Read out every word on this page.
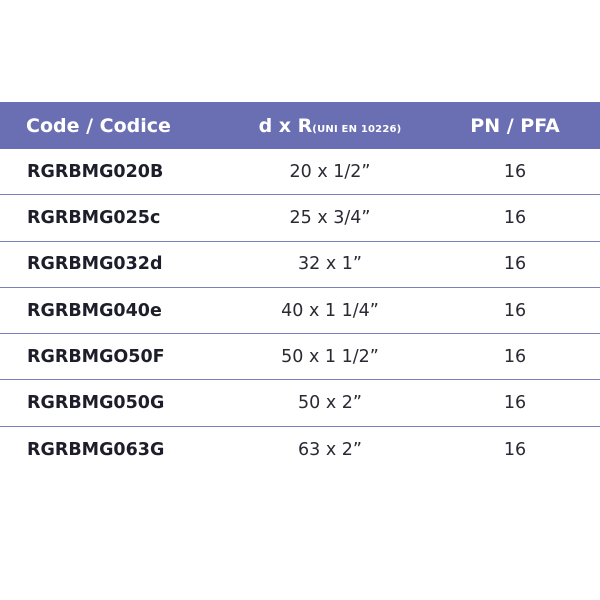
Code / Codice	d x R(UNI EN 10226)	PN / PFA
RGRBMG020B	20 x 1/2”	16
RGRBMG025c	25 x 3/4”	16
RGRBMG032d	32 x 1”	16
RGRBMG040e	40 x 1 1/4”	16
RGRBMGO50F	50 x 1 1/2”	16
RGRBMG050G	50 x 2”	16
RGRBMG063G	63 x 2”	16
